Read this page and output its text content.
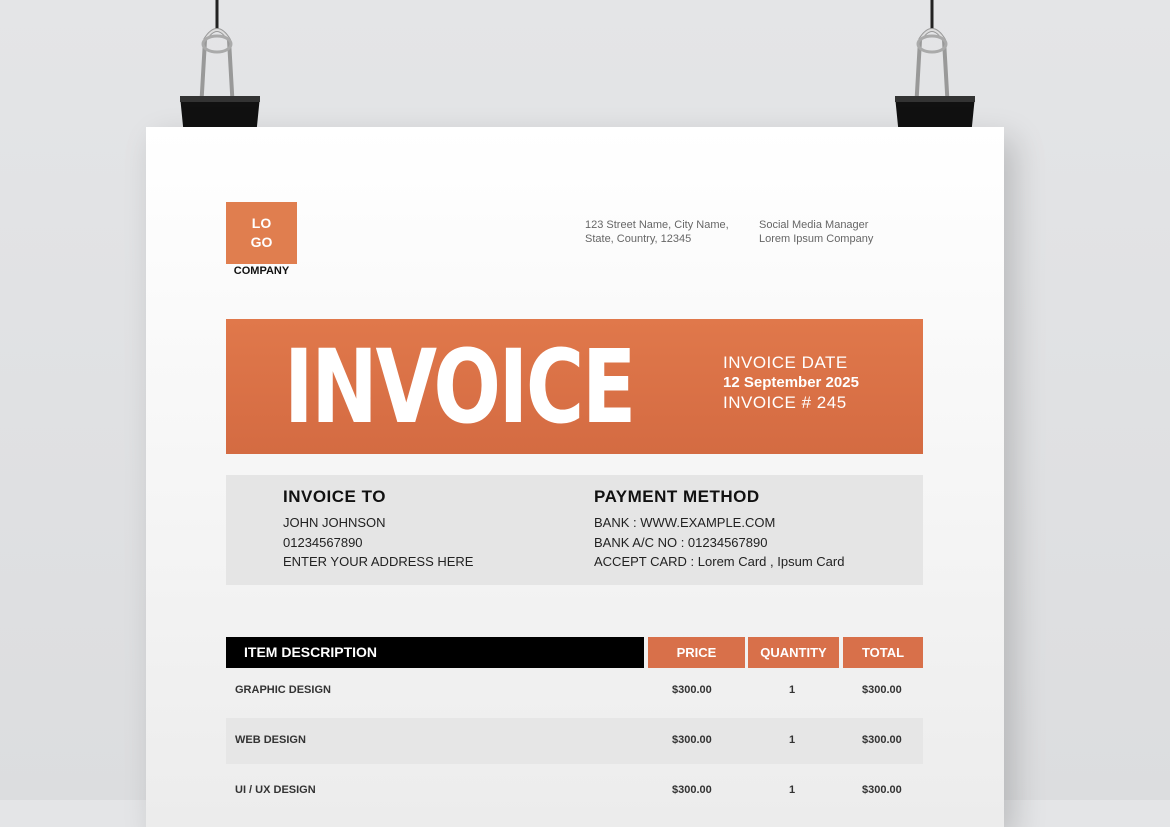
LO
GO
COMPANY
123 Street Name, City Name,
State, Country, 12345
Social Media Manager
Lorem Ipsum Company
INVOICE	INVOICE DATE
12 September 2025
INVOICE # 245
INVOICE TO
JOHN JOHNSON
01234567890
ENTER YOUR ADDRESS HERE
PAYMENT METHOD
BANK : WWW.EXAMPLE.COM
BANK A/C NO : 01234567890
ACCEPT CARD : Lorem Card , Ipsum Card
ITEM DESCRIPTION	PRICE	QUANTITY	TOTAL
GRAPHIC DESIGN	$300.00	1	$300.00
WEB DESIGN	$300.00	1	$300.00
UI / UX DESIGN	$300.00	1	$300.00
